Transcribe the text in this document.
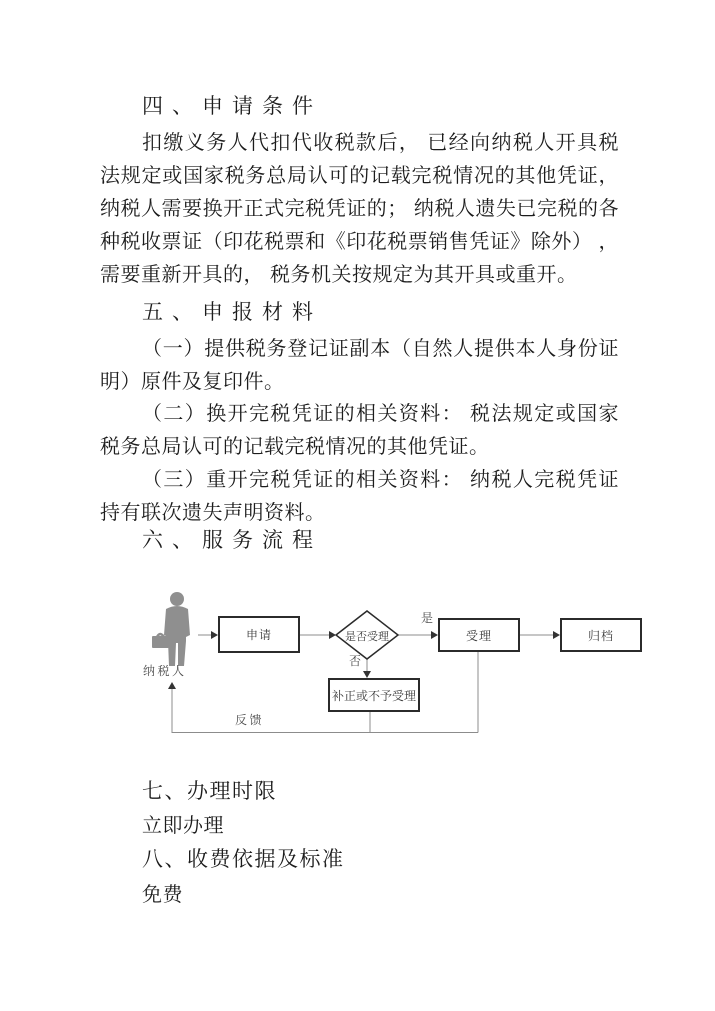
四、申请条件

扣缴义务人代扣代收税款后， 已经向纳税人开具税法规定或国家税务总局认可的记载完税情况的其他凭证， 纳税人需要换开正式完税凭证的； 纳税人遗失已完税的各种税收票证（印花税票和《印花税票销售凭证》除外） ， 需要重新开具的， 税务机关按规定为其开具或重开。

五、申报材料

（一）提供税务登记证副本（自然人提供本人身份证明）原件及复印件。

（二）换开完税凭证的相关资料： 税法规定或国家税务总局认可的记载完税情况的其他凭证。

（三）重开完税凭证的相关资料： 纳税人完税凭证持有联次遗失声明资料。

六、服务流程
申请	受理	归档
补正或不予受理
是否受理
是
否
反馈
纳税人
七、办理时限

立即办理

八、收费依据及标准

免费
